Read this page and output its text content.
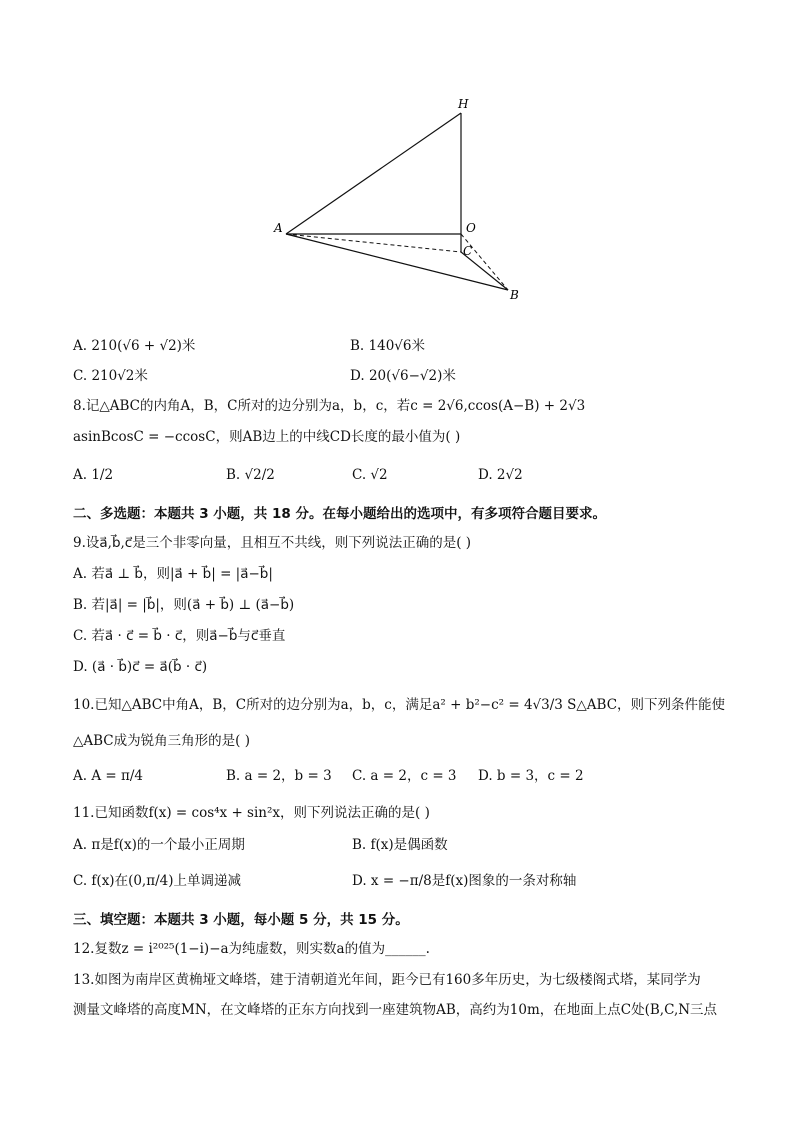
H
A	O
C
B
A. 210(√6 + √2)米	B. 140√6米
C. 210√2米	D. 20(√6−√2)米
8.记△ABC的内角A，B，C所对的边分别为a，b，c，若c = 2√6,ccos(A−B) + 2√3
asinBcosC = −ccosC，则AB边上的中线CD长度的最小值为( )
A. 1/2	B. √2/2	C. √2	D. 2√2
二、多选题：本题共 3 小题，共 18 分。在每小题给出的选项中，有多项符合题目要求。
9.设a⃗,b⃗,c⃗是三个非零向量，且相互不共线，则下列说法正确的是( )
A. 若a⃗ ⊥ b⃗，则|a⃗ + b⃗| = |a⃗−b⃗|
B. 若|a⃗| = |b⃗|，则(a⃗ + b⃗) ⊥ (a⃗−b⃗)
C. 若a⃗ · c⃗ = b⃗ · c⃗，则a⃗−b⃗与c⃗垂直
D. (a⃗ · b⃗)c⃗ = a⃗(b⃗ · c⃗)
10.已知△ABC中角A，B，C所对的边分别为a，b，c，满足a² + b²−c² = 4√3/3 S△ABC，则下列条件能使
△ABC成为锐角三角形的是( )
A. A = π/4	B. a = 2，b = 3 C. a = 2，c = 3 D. b = 3，c = 2
11.已知函数f(x) = cos⁴x + sin²x，则下列说法正确的是( )
A. π是f(x)的一个最小正周期	B. f(x)是偶函数
C. f(x)在(0,π/4)上单调递减	D. x = −π/8是f(x)图象的一条对称轴
三、填空题：本题共 3 小题，每小题 5 分，共 15 分。
12.复数z = i²⁰²⁵(1−i)−a为纯虚数，则实数a的值为______.
13.如图为南岸区黄桷垭文峰塔，建于清朝道光年间，距今已有160多年历史，为七级楼阁式塔，某同学为
测量文峰塔的高度MN，在文峰塔的正东方向找到一座建筑物AB，高约为10m，在地面上点C处(B,C,N三点
